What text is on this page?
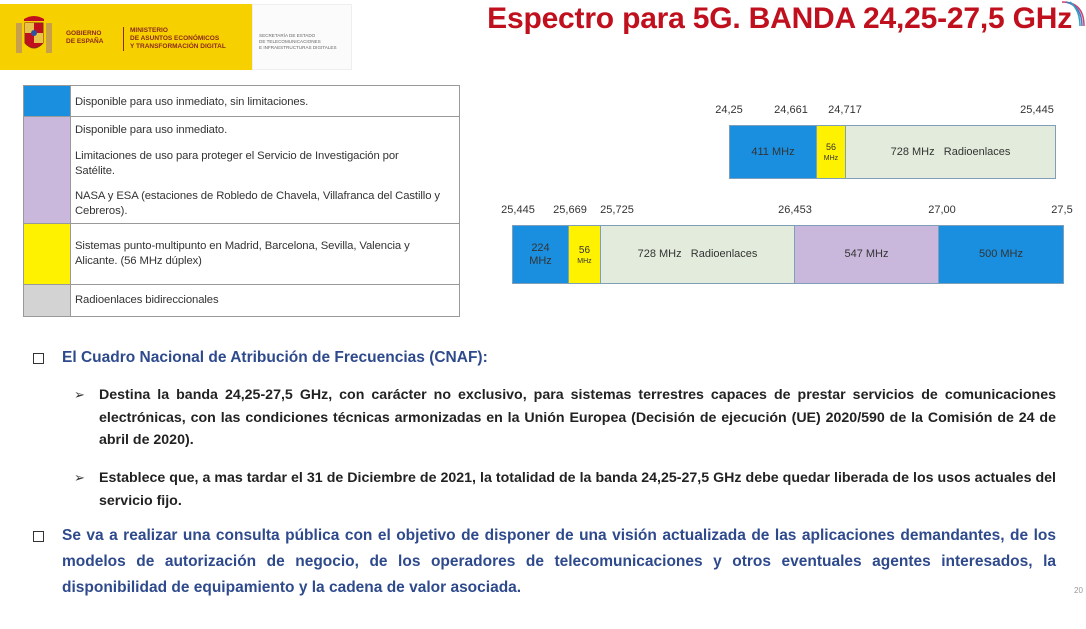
GOBIERNO
DE ESPAÑA
MINISTERIO
DE ASUNTOS ECONÓMICOS
Y TRANSFORMACIÓN DIGITAL
SECRETARÍA DE ESTADO
DE TELECOMUNICACIONES
E INFRAESTRUCTURAS DIGITALES
Espectro para 5G. BANDA 24,25-27,5 GHz
Disponible para uso inmediato, sin limitaciones.
Disponible para uso inmediato.
Limitaciones de uso para proteger el Servicio de Investigación por Satélite.
NASA y ESA (estaciones de Robledo de Chavela, Villafranca del Castillo y Cebreros).
Sistemas punto-multipunto en Madrid, Barcelona, Sevilla, Valencia y Alicante. (56 MHz dúplex)
Radioenlaces bidireccionales
24,25	24,661 24,717	25,445
411 MHz	56
MHz
728 MHz   Radioenlaces
25,445 25,669 25,725	26,453	27,00	27,5
224
MHz
56
MHz
728 MHz   Radioenlaces	547 MHz	500 MHz
El Cuadro Nacional de Atribución de Frecuencias (CNAF):
➢ Destina la banda 24,25-27,5 GHz, con carácter no exclusivo, para sistemas terrestres capaces de prestar servicios de comunicaciones electrónicas, con las condiciones técnicas armonizadas en la Unión Europea (Decisión de ejecución (UE) 2020/590 de la Comisión de 24 de abril de 2020).
➢ Establece que, a mas tardar el 31 de Diciembre de 2021, la totalidad de la banda 24,25-27,5 GHz debe quedar liberada de los usos actuales del servicio fijo.
Se va a realizar una consulta pública con el objetivo de disponer de una visión actualizada de las aplicaciones demandantes, de los modelos de autorización de negocio, de los operadores de telecomunicaciones y otros eventuales agentes interesados, la disponibilidad de equipamiento y la cadena de valor asociada.	20
